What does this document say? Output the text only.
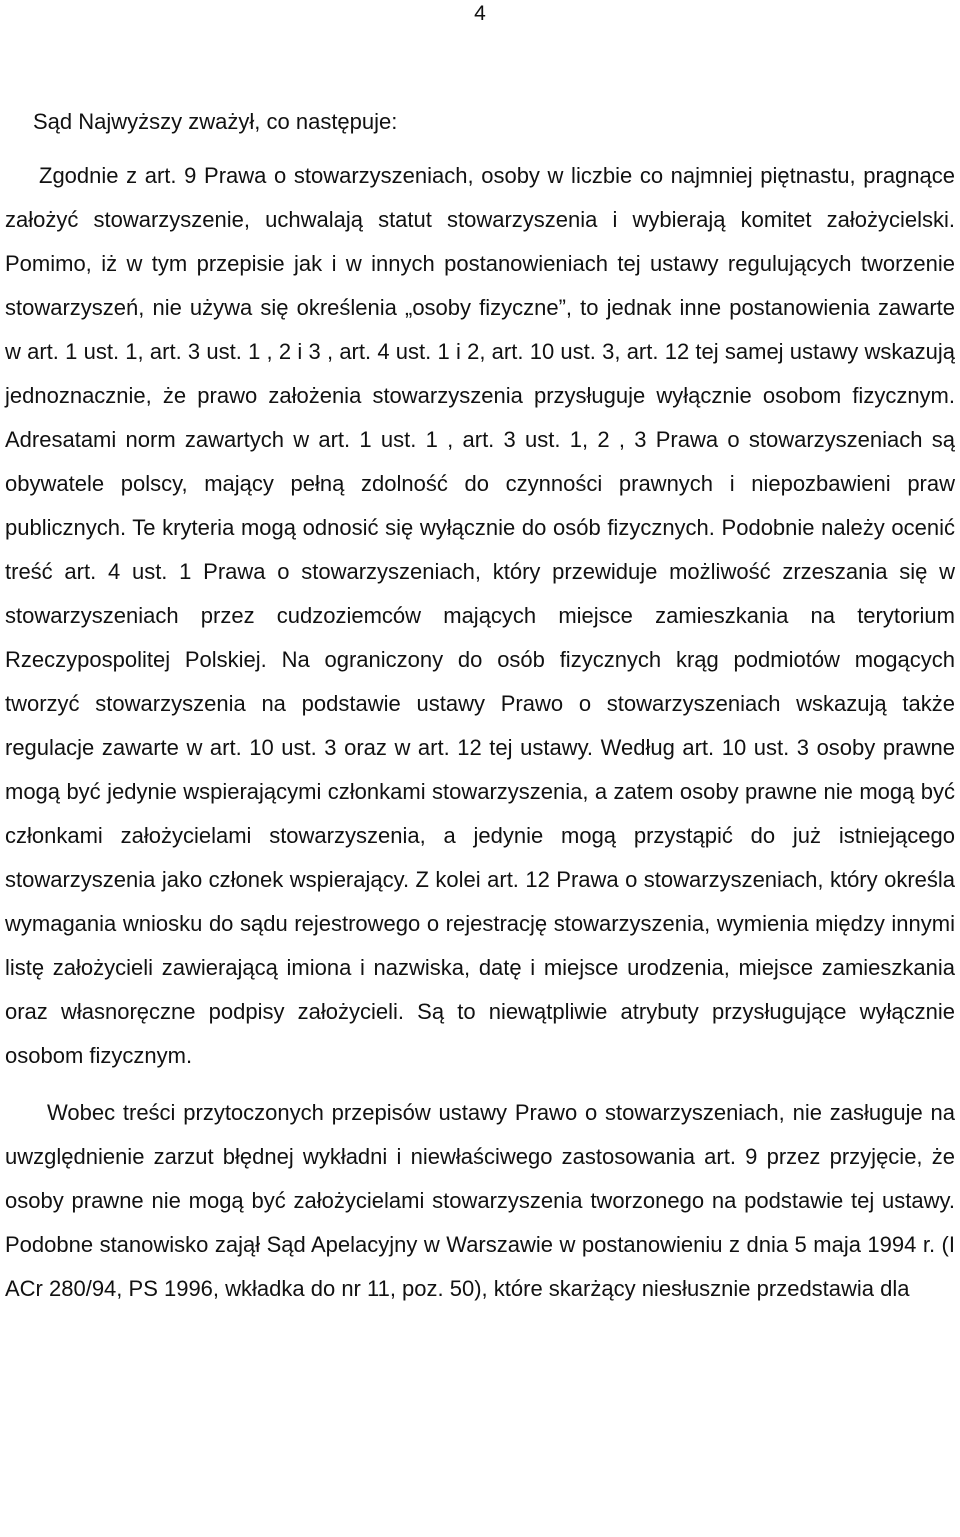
4
Sąd Najwyższy zważył, co następuje:

Zgodnie z art. 9 Prawa o stowarzyszeniach, osoby w liczbie co najmniej piętnastu, pragnące założyć stowarzyszenie, uchwalają statut stowarzyszenia i wybierają komitet założycielski. Pomimo, iż w tym przepisie jak i w innych postanowieniach tej ustawy regulujących tworzenie stowarzyszeń, nie używa się określenia „osoby fizyczne”, to jednak inne postanowienia zawarte w art. 1 ust. 1, art. 3 ust. 1 , 2 i 3 , art. 4 ust. 1 i 2, art. 10 ust. 3, art. 12 tej samej ustawy wskazują jednoznacznie, że prawo założenia stowarzyszenia przysługuje wyłącznie osobom fizycznym. Adresatami norm zawartych w art. 1 ust. 1 , art. 3 ust. 1, 2 , 3 Prawa o stowarzyszeniach są obywatele polscy, mający pełną zdolność do czynności prawnych i niepozbawieni praw publicznych. Te kryteria mogą odnosić się wyłącznie do osób fizycznych. Podobnie należy ocenić treść art. 4 ust. 1 Prawa o stowarzyszeniach, który przewiduje możliwość zrzeszania się w stowarzyszeniach przez cudzoziemców mających miejsce zamieszkania na terytorium Rzeczypospolitej Polskiej. Na ograniczony do osób fizycznych krąg podmiotów mogących tworzyć stowarzyszenia na podstawie ustawy Prawo o stowarzyszeniach wskazują także regulacje zawarte w art. 10 ust. 3 oraz w art. 12 tej ustawy. Według art. 10 ust. 3 osoby prawne mogą być jedynie wspierającymi członkami stowarzyszenia, a zatem osoby prawne nie mogą być członkami założycielami stowarzyszenia, a jedynie mogą przystąpić do już istniejącego stowarzyszenia jako członek wspierający. Z kolei art. 12 Prawa o stowarzyszeniach, który określa wymagania wniosku do sądu rejestrowego o rejestrację stowarzyszenia, wymienia między innymi listę założycieli zawierającą imiona i nazwiska, datę i miejsce urodzenia, miejsce zamieszkania oraz własnoręczne podpisy założycieli. Są to niewątpliwie atrybuty przysługujące wyłącznie osobom fizycznym.

Wobec treści przytoczonych przepisów ustawy Prawo o stowarzyszeniach, nie zasługuje na uwzględnienie zarzut błędnej wykładni i niewłaściwego zastosowania art. 9 przez przyjęcie, że osoby prawne nie mogą być założycielami stowarzyszenia tworzonego na podstawie tej ustawy. Podobne stanowisko zajął Sąd Apelacyjny w Warszawie w postanowieniu z dnia 5 maja 1994 r. (I ACr 280/94, PS 1996, wkładka do nr 11, poz. 50), które skarżący niesłusznie przedstawia dla
